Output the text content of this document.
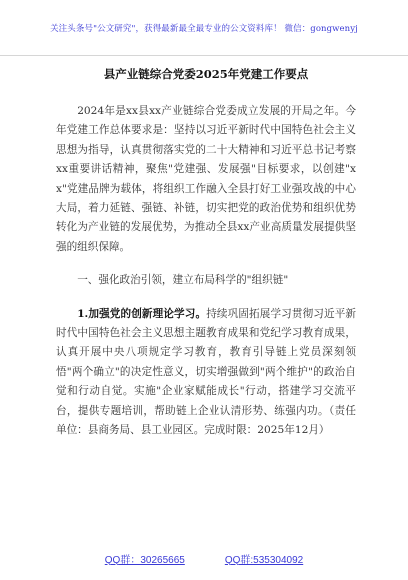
关注头条号"公文研究"，获得最新最全最专业的公文资料库！ 微信：gongwenyj
县产业链综合党委2025年党建工作要点

2024年是xx县xx产业链综合党委成立发展的开局之年。今年党建工作总体要求是：坚持以习近平新时代中国特色社会主义思想为指导，认真贯彻落实党的二十大精神和习近平总书记考察xx重要讲话精神，聚焦"党建强、发展强"目标要求，以创建"xx"党建品牌为载体，将组织工作融入全县打好工业强攻战的中心大局，着力延链、强链、补链，切实把党的政治优势和组织优势转化为产业链的发展优势，为推动全县xx产业高质量发展提供坚强的组织保障。

一、强化政治引领，建立布局科学的"组织链"

1.加强党的创新理论学习。持续巩固拓展学习贯彻习近平新时代中国特色社会主义思想主题教育成果和党纪学习教育成果，认真开展中央八项规定学习教育，教育引导链上党员深刻领悟"两个确立"的决定性意义，切实增强做到"两个维护"的政治自觉和行动自觉。实施"企业家赋能成长"行动，搭建学习交流平台，提供专题培训，帮助链上企业认清形势、练强内功。（责任单位：县商务局、县工业园区。完成时限：2025年12月）

QQ群：30265665	QQ群:535304092
